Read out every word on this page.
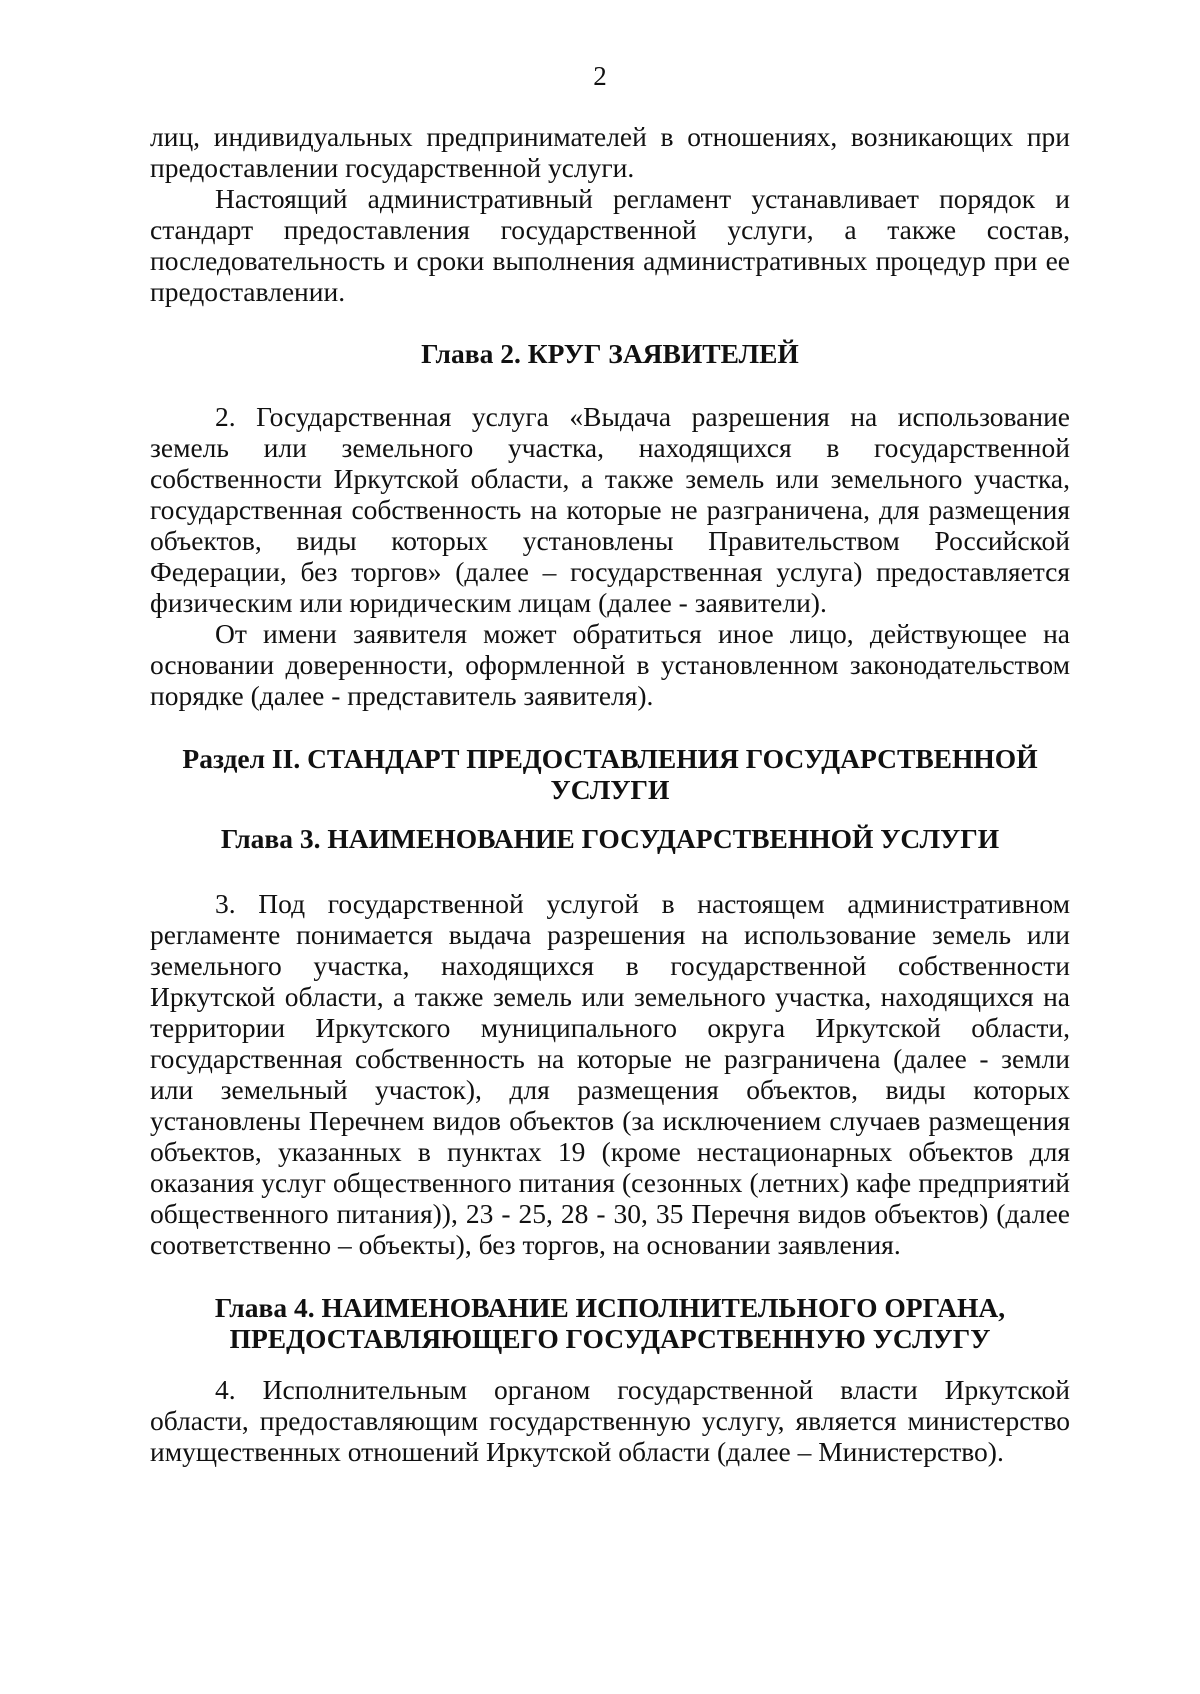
2

лиц, индивидуальных предпринимателей в отношениях, возникающих при предоставлении государственной услуги.

Настоящий административный регламент устанавливает порядок и стандарт предоставления государственной услуги, а также состав, последовательность и сроки выполнения административных процедур при ее предоставлении.

Глава 2. КРУГ ЗАЯВИТЕЛЕЙ

2. Государственная услуга «Выдача разрешения на использование земель или земельного участка, находящихся в государственной собственности Иркутской области, а также земель или земельного участка, государственная собственность на которые не разграничена, для размещения объектов, виды которых установлены Правительством Российской Федерации, без торгов» (далее – государственная услуга) предоставляется физическим или юридическим лицам (далее - заявители).

От имени заявителя может обратиться иное лицо, действующее на основании доверенности, оформленной в установленном законодательством порядке (далее - представитель заявителя).

Раздел II. СТАНДАРТ ПРЕДОСТАВЛЕНИЯ ГОСУДАРСТВЕННОЙ
УСЛУГИ
Глава 3. НАИМЕНОВАНИЕ ГОСУДАРСТВЕННОЙ УСЛУГИ

3. Под государственной услугой в настоящем административном регламенте понимается выдача разрешения на использование земель или земельного участка, находящихся в государственной собственности Иркутской области, а также земель или земельного участка, находящихся на территории Иркутского муниципального округа Иркутской области, государственная собственность на которые не разграничена (далее - земли или земельный участок), для размещения объектов, виды которых установлены Перечнем видов объектов (за исключением случаев размещения объектов, указанных в пунктах 19 (кроме нестационарных объектов для оказания услуг общественного питания (сезонных (летних) кафе предприятий общественного питания)), 23 - 25, 28 - 30, 35 Перечня видов объектов) (далее соответственно – объекты), без торгов, на основании заявления.

Глава 4. НАИМЕНОВАНИЕ ИСПОЛНИТЕЛЬНОГО ОРГАНА,
ПРЕДОСТАВЛЯЮЩЕГО ГОСУДАРСТВЕННУЮ УСЛУГУ

4. Исполнительным органом государственной власти Иркутской области, предоставляющим государственную услугу, является министерство имущественных отношений Иркутской области (далее – Министерство).
